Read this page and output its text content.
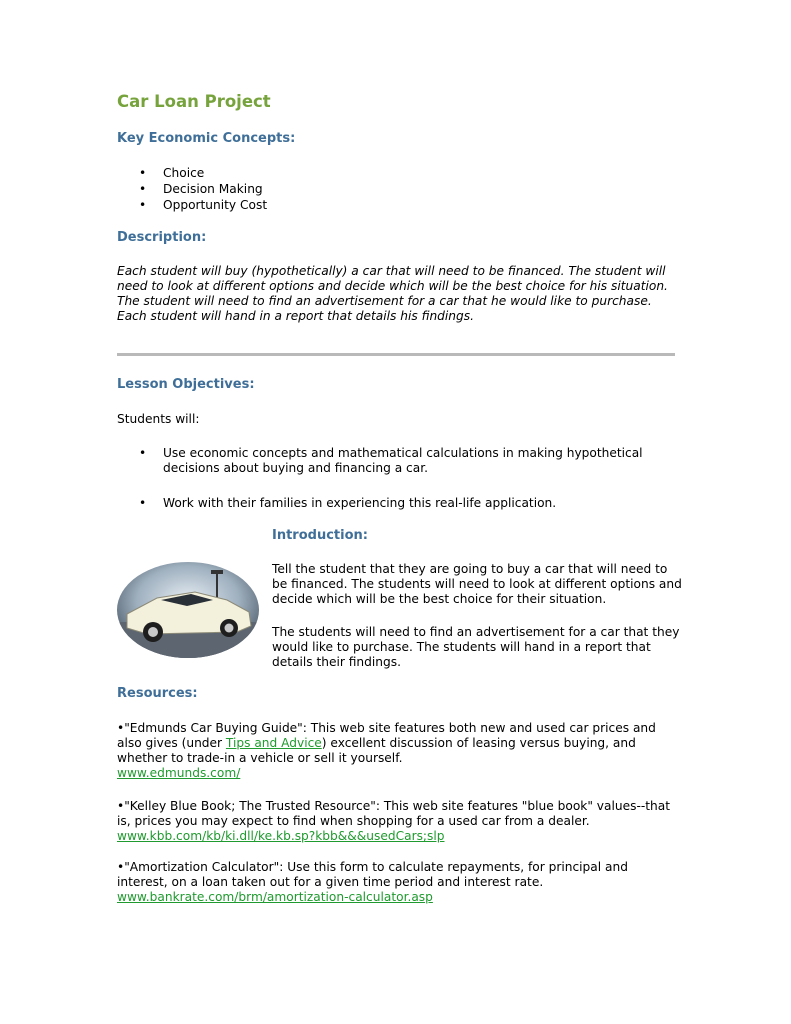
Car Loan Project
Key Economic Concepts:
• Choice
• Decision Making
• Opportunity Cost
Description:

Each student will buy (hypothetically) a car that will need to be financed. The student will need to look at different options and decide which will be the best choice for his situation. The student will need to find an advertisement for a car that he would like to purchase. Each student will hand in a report that details his findings.

Lesson Objectives:

Students will:

• Use economic concepts and mathematical calculations in making hypothetical decisions about buying and financing a car.
• Work with their families in experiencing this real-life application.
Introduction:

Tell the student that they are going to buy a car that will need to be financed. The students will need to look at different options and decide which will be the best choice for their situation.

The students will need to find an advertisement for a car that they would like to purchase. The students will hand in a report that details their findings.

Resources:

•"Edmunds Car Buying Guide": This web site features both new and used car prices and also gives (under Tips and Advice) excellent discussion of leasing versus buying, and whether to trade-in a vehicle or sell it yourself.
www.edmunds.com/

•"Kelley Blue Book; The Trusted Resource": This web site features "blue book" values--that is, prices you may expect to find when shopping for a used car from a dealer.
www.kbb.com/kb/ki.dll/ke.kb.sp?kbb&&&usedCars;slp

•"Amortization Calculator": Use this form to calculate repayments, for principal and interest, on a loan taken out for a given time period and interest rate.
www.bankrate.com/brm/amortization-calculator.asp
